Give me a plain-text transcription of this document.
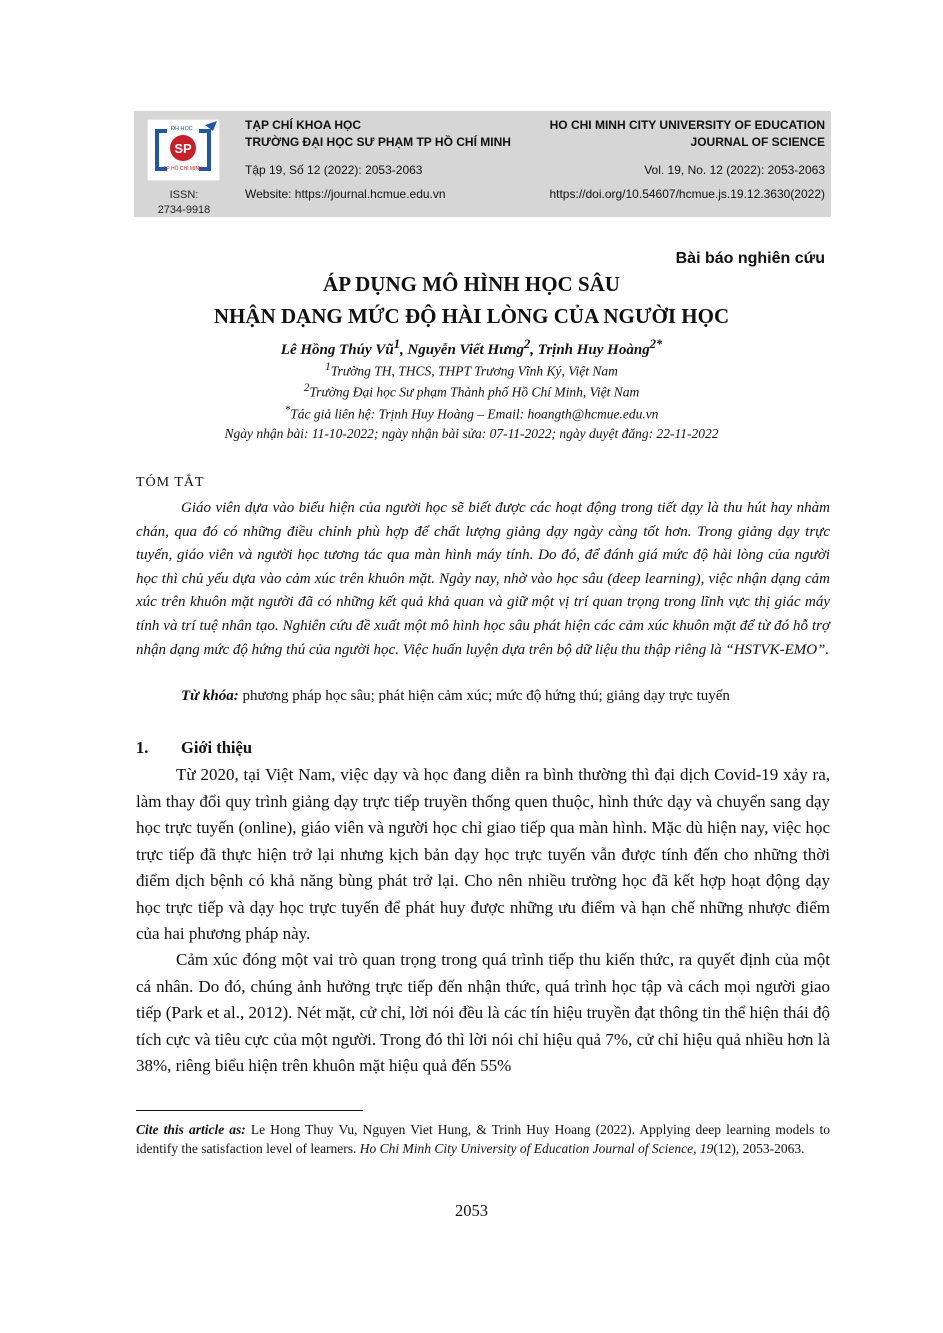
ĐH HỌC
SP
TP HỒ CHÍ MINH
ISSN:
2734-9918
TẠP CHÍ KHOA HỌC
TRƯỜNG ĐẠI HỌC SƯ PHẠM TP HỒ CHÍ MINH
Tập 19, Số 12 (2022): 2053-2063
Website: https://journal.hcmue.edu.vn
HO CHI MINH CITY UNIVERSITY OF EDUCATION
JOURNAL OF SCIENCE
Vol. 19, No. 12 (2022): 2053-2063
https://doi.org/10.54607/hcmue.js.19.12.3630(2022)
Bài báo nghiên cứu
ÁP DỤNG MÔ HÌNH HỌC SÂU
NHẬN DẠNG MỨC ĐỘ HÀI LÒNG CỦA NGƯỜI HỌC
Lê Hồng Thúy $Vũ^1$, Nguyễn Viết Hưng$^2$, Trịnh Huy Hoàng$^{2*}$
$^1$Trường TH, THCS, THPT Trương Vĩnh Ký, Việt Nam
$^2$Trường Đại học Sư phạm Thành phố Hồ Chí Minh, Việt Nam
*Tác giả liên hệ: Trịnh Huy Hoàng – Email: hoangth@hcmue.edu.vn
Ngày nhận bài: 11-10-2022; ngày nhận bài sửa: 07-11-2022; ngày duyệt đăng: 22-11-2022
TÓM TẮT

Giáo viên dựa vào biểu hiện của người học sẽ biết được các hoạt động trong tiết dạy là thu hút hay nhàm chán, qua đó có những điều chỉnh phù hợp để chất lượng giảng dạy ngày càng tốt hơn. Trong giảng dạy trực tuyến, giáo viên và người học tương tác qua màn hình máy tính. Do đó, để đánh giá mức độ hài lòng của người học thì chủ yếu dựa vào cảm xúc trên khuôn mặt. Ngày nay, nhờ vào học sâu (deep learning), việc nhận dạng cảm xúc trên khuôn mặt người đã có những kết quả khả quan và giữ một vị trí quan trọng trong lĩnh vực thị giác máy tính và trí tuệ nhân tạo. Nghiên cứu đề xuất một mô hình học sâu phát hiện các cảm xúc khuôn mặt để từ đó hỗ trợ nhận dạng mức độ hứng thú của người học. Việc huấn luyện dựa trên bộ dữ liệu thu thập riêng là “HSTVK-EMO”.

Từ khóa: phương pháp học sâu; phát hiện cảm xúc; mức độ hứng thú; giảng dạy trực tuyến
1. Giới thiệu

Từ 2020, tại Việt Nam, việc dạy và học đang diễn ra bình thường thì đại dịch Covid-19 xảy ra, làm thay đổi quy trình giảng dạy trực tiếp truyền thống quen thuộc, hình thức dạy và chuyển sang dạy học trực tuyến (online), giáo viên và người học chỉ giao tiếp qua màn hình. Mặc dù hiện nay, việc học trực tiếp đã thực hiện trở lại nhưng kịch bản dạy học trực tuyến vẫn được tính đến cho những thời điểm dịch bệnh có khả năng bùng phát trở lại. Cho nên nhiều trường học đã kết hợp hoạt động dạy học trực tiếp và dạy học trực tuyến để phát huy được những ưu điểm và hạn chế những nhược điểm của hai phương pháp này.

Cảm xúc đóng một vai trò quan trọng trong quá trình tiếp thu kiến thức, ra quyết định của một cá nhân. Do đó, chúng ảnh hưởng trực tiếp đến nhận thức, quá trình học tập và cách mọi người giao tiếp (Park et al., 2012). Nét mặt, cử chỉ, lời nói đều là các tín hiệu truyền đạt thông tin thể hiện thái độ tích cực và tiêu cực của một người. Trong đó thì lời nói chỉ hiệu quả 7%, cử chỉ hiệu quả nhiều hơn là 38%, riêng biểu hiện trên khuôn mặt hiệu quả đến 55%

Cite this article as: Le Hong Thuy Vu, Nguyen Viet Hung, & Trinh Huy Hoang (2022). Applying deep learning models to identify the satisfaction level of learners. Ho Chi Minh City University of Education Journal of Science, 19(12), 2053-2063.

2053
